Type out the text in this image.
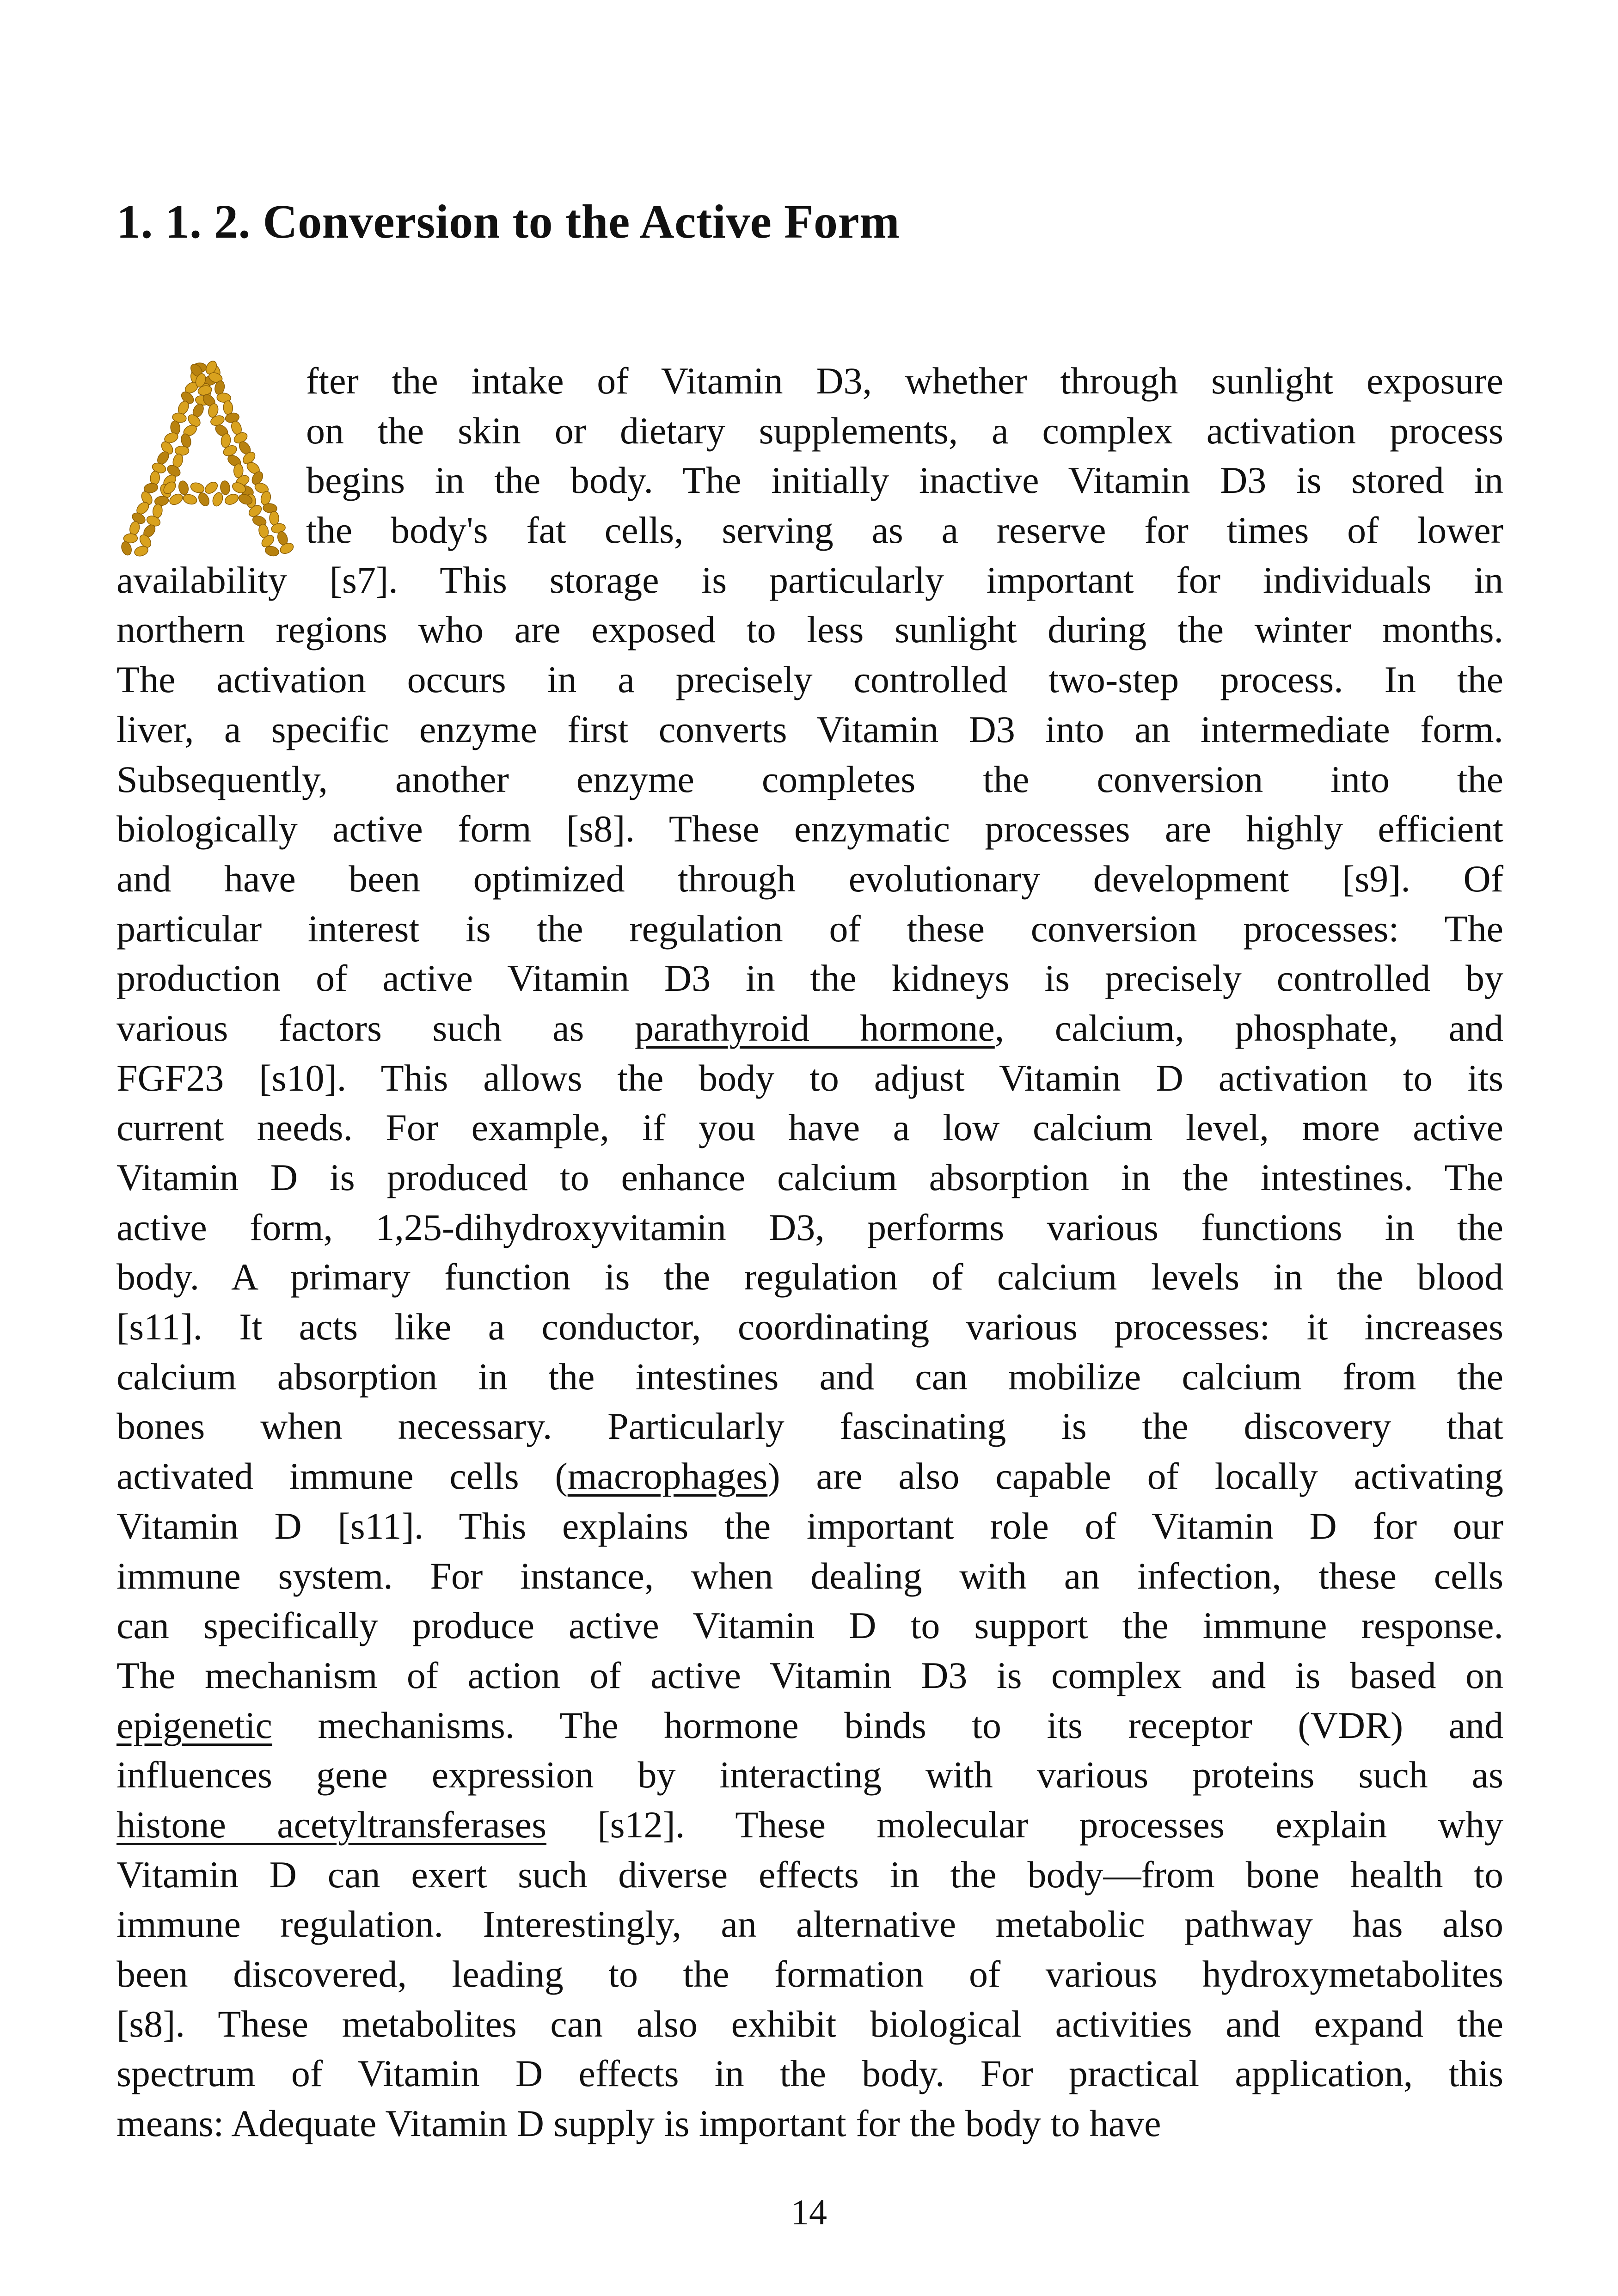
1. 1. 2. Conversion to the Active Form
fter the intake of Vitamin D3, whether through sunlight exposure
on the skin or dietary supplements, a complex activation process
begins in the body. The initially inactive Vitamin D3 is stored in
the body's fat cells, serving as a reserve for times of lower
availability [s7]. This storage is particularly important for individuals in
northern regions who are exposed to less sunlight during the winter months.
The activation occurs in a precisely controlled two-step process. In the
liver, a specific enzyme first converts Vitamin D3 into an intermediate form.
Subsequently, another enzyme completes the conversion into the
biologically active form [s8]. These enzymatic processes are highly efficient
and have been optimized through evolutionary development [s9]. Of
particular interest is the regulation of these conversion processes: The
production of active Vitamin D3 in the kidneys is precisely controlled by
various factors such as parathyroid hormone, calcium, phosphate, and
FGF23 [s10]. This allows the body to adjust Vitamin D activation to its
current needs. For example, if you have a low calcium level, more active
Vitamin D is produced to enhance calcium absorption in the intestines. The
active form, 1,25-dihydroxyvitamin D3, performs various functions in the
body. A primary function is the regulation of calcium levels in the blood
[s11]. It acts like a conductor, coordinating various processes: it increases
calcium absorption in the intestines and can mobilize calcium from the
bones when necessary. Particularly fascinating is the discovery that
activated immune cells (macrophages) are also capable of locally activating
Vitamin D [s11]. This explains the important role of Vitamin D for our
immune system. For instance, when dealing with an infection, these cells
can specifically produce active Vitamin D to support the immune response.
The mechanism of action of active Vitamin D3 is complex and is based on
epigenetic mechanisms. The hormone binds to its receptor (VDR) and
influences gene expression by interacting with various proteins such as
histone acetyltransferases [s12]. These molecular processes explain why
Vitamin D can exert such diverse effects in the body—from bone health to
immune regulation. Interestingly, an alternative metabolic pathway has also
been discovered, leading to the formation of various hydroxymetabolites
[s8]. These metabolites can also exhibit biological activities and expand the
spectrum of Vitamin D effects in the body. For practical application, this
means: Adequate Vitamin D supply is important for the body to have
14
